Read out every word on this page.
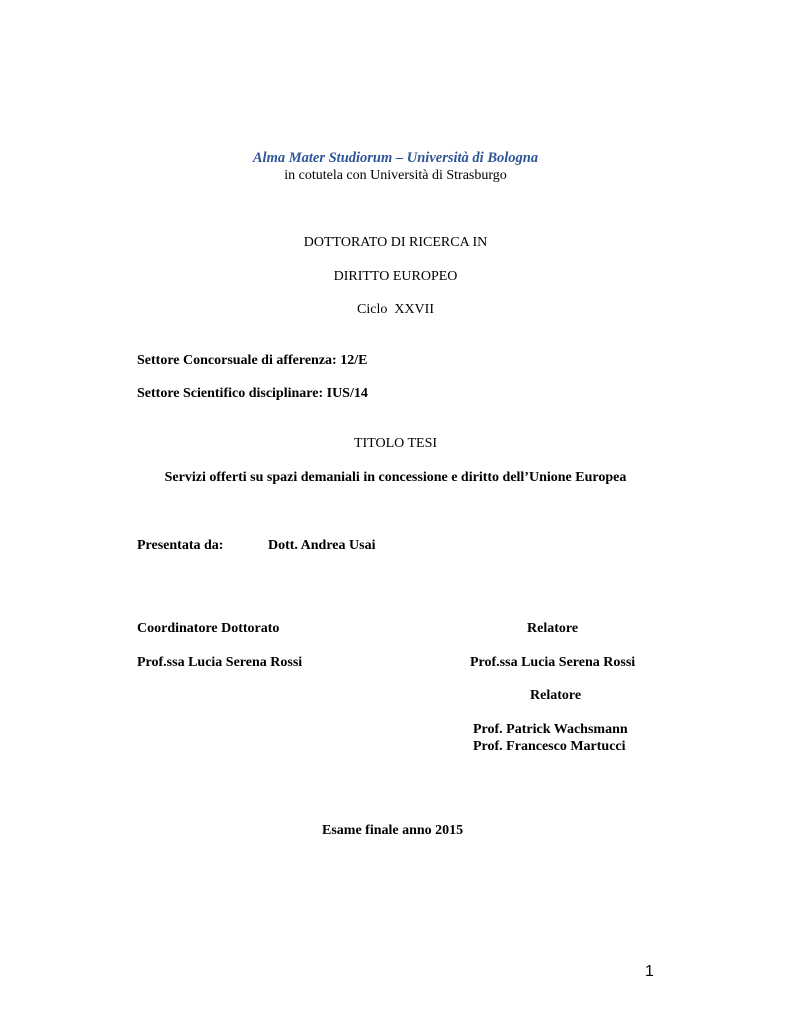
Alma Mater Studiorum – Università di Bologna
in cotutela con Università di Strasburgo
DOTTORATO DI RICERCA IN
DIRITTO EUROPEO
Ciclo  XXVII
Settore Concorsuale di afferenza: 12/E
Settore Scientifico disciplinare: IUS/14
TITOLO TESI
Servizi offerti su spazi demaniali in concessione e diritto dell’Unione Europea
Presentata da:	Dott. Andrea Usai
Coordinatore Dottorato
Prof.ssa Lucia Serena Rossi
Relatore
Prof.ssa Lucia Serena Rossi
Relatore
Prof. Patrick Wachsmann
Prof. Francesco Martucci
Esame finale anno 2015
1
